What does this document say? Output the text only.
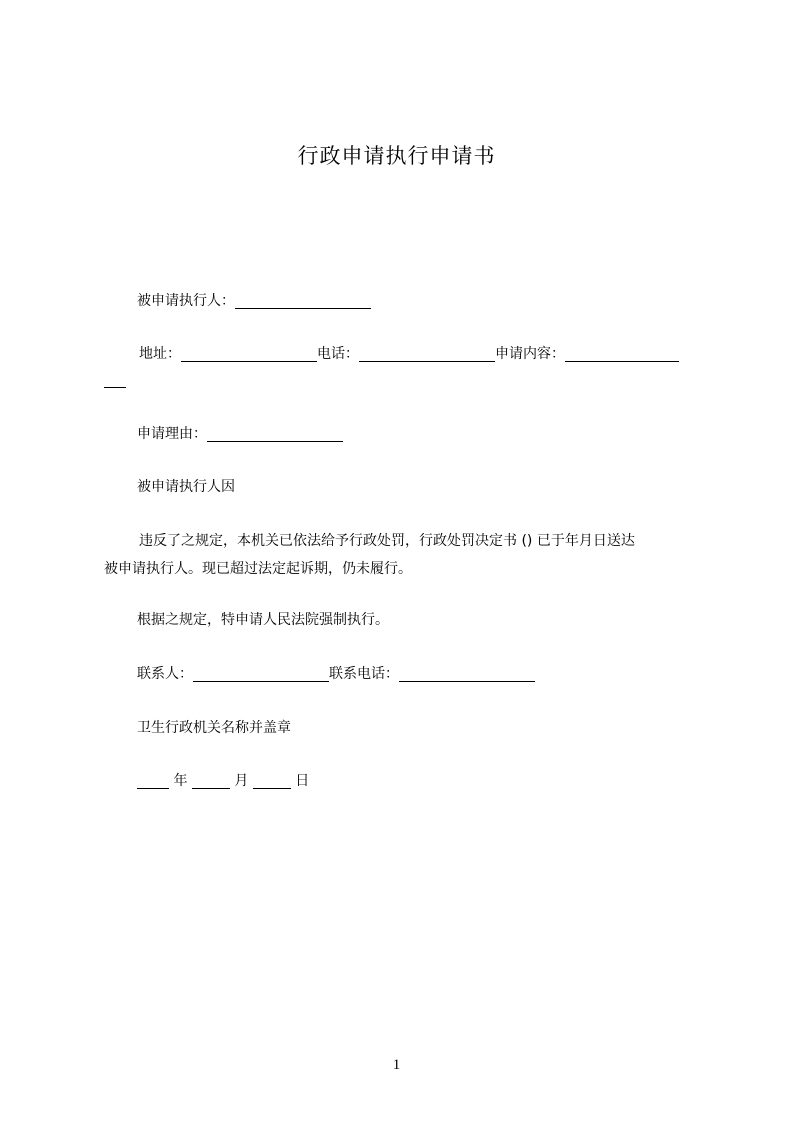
行政申请执行申请书
被申请执行人：
地址：	电话：	申请内容：
申请理由：
被申请执行人因
违反了之规定，本机关已依法给予行政处罚，行政处罚决定书 () 已于年月日送达
被申请执行人。现已超过法定起诉期，仍未履行。
根据之规定，特申请人民法院强制执行。
联系人：	联系电话：
卫生行政机关名称并盖章
年	月	日
1
